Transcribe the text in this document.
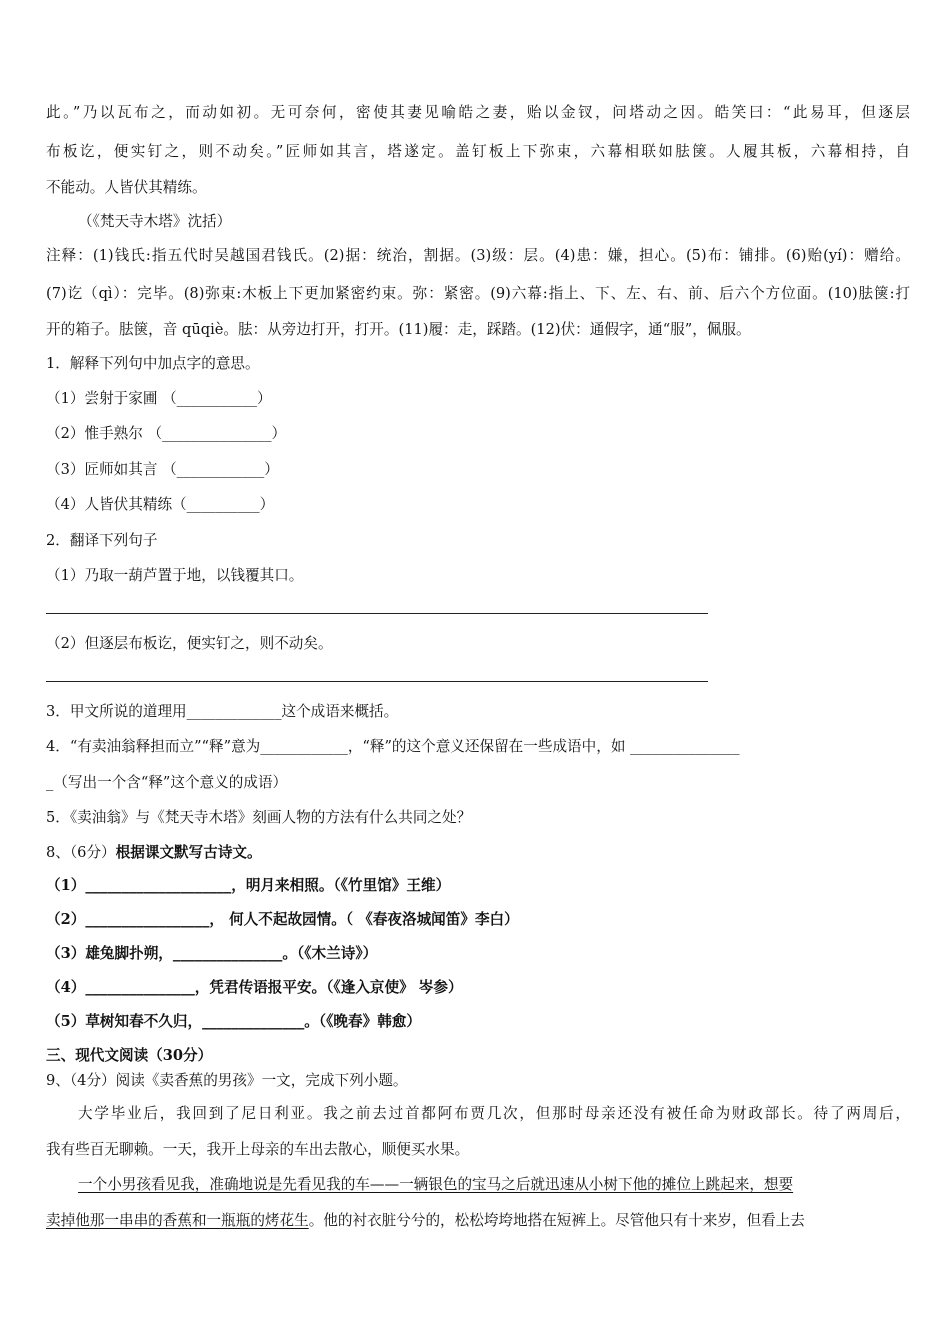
此。”乃以瓦布之，而动如初。无可奈何，密使其妻见喻皓之妻，贻以金钗，问塔动之因。皓笑曰：“此易耳，但逐层
布板讫，便实钉之，则不动矣。”匠师如其言，塔遂定。盖钉板上下弥束，六幕相联如胠箧。人履其板，六幕相持，自
不能动。人皆伏其精练。
（《梵天寺木塔》沈括）
注释：(1)钱氏:指五代时吴越国君钱氏。(2)据：统治，割据。(3)级：层。(4)患：嫌，担心。(5)布：铺排。(6)贻(yí)：赠给。
(7)讫（qì）：完毕。(8)弥束:木板上下更加紧密约束。弥：紧密。(9)六幕:指上、下、左、右、前、后六个方位面。(10)胠箧:打
开的箱子。胠箧，音 qūqiè。胠：从旁边打开，打开。(11)履：走，踩踏。(12)伏：通假字，通“服”，佩服。
1．解释下列句中加点字的意思。
（1）尝射于家圃 （___________）
（2）惟手熟尔 （_______________）
（3）匠师如其言 （____________）
（4）人皆伏其精练（__________）
2．翻译下列句子
（1）乃取一葫芦置于地，以钱覆其口。
（2）但逐层布板讫，便实钉之，则不动矣。
3．甲文所说的道理用_____________这个成语来概括。
4．“有卖油翁释担而立”“释”意为____________，“释”的这个意义还保留在一些成语中，如 _______________
_（写出一个含“释”这个意义的成语）
5．《卖油翁》与《梵天寺木塔》刻画人物的方法有什么共同之处？
8、（6分）根据课文默写古诗文。
（1）____________________，明月来相照。（《竹里馆》王维）
（2）_________________， 何人不起故园情。（ 《春夜洛城闻笛》李白）
（3）雄兔脚扑朔，_______________。（《木兰诗》）
（4）_______________，凭君传语报平安。（《逢入京使》 岑参）
（5）草树知春不久归，______________。（《晚春》韩愈）
三、现代文阅读（30分）
9、（4分）阅读《卖香蕉的男孩》一文，完成下列小题。
大学毕业后，我回到了尼日利亚。我之前去过首都阿布贾几次，但那时母亲还没有被任命为财政部长。待了两周后，
我有些百无聊赖。一天，我开上母亲的车出去散心，顺便买水果。
一个小男孩看见我，准确地说是先看见我的车——一辆银色的宝马之后就迅速从小树下他的摊位上跳起来，想要
卖掉他那一串串的香蕉和一瓶瓶的烤花生。他的衬衣脏兮兮的，松松垮垮地搭在短裤上。尽管他只有十来岁，但看上去
